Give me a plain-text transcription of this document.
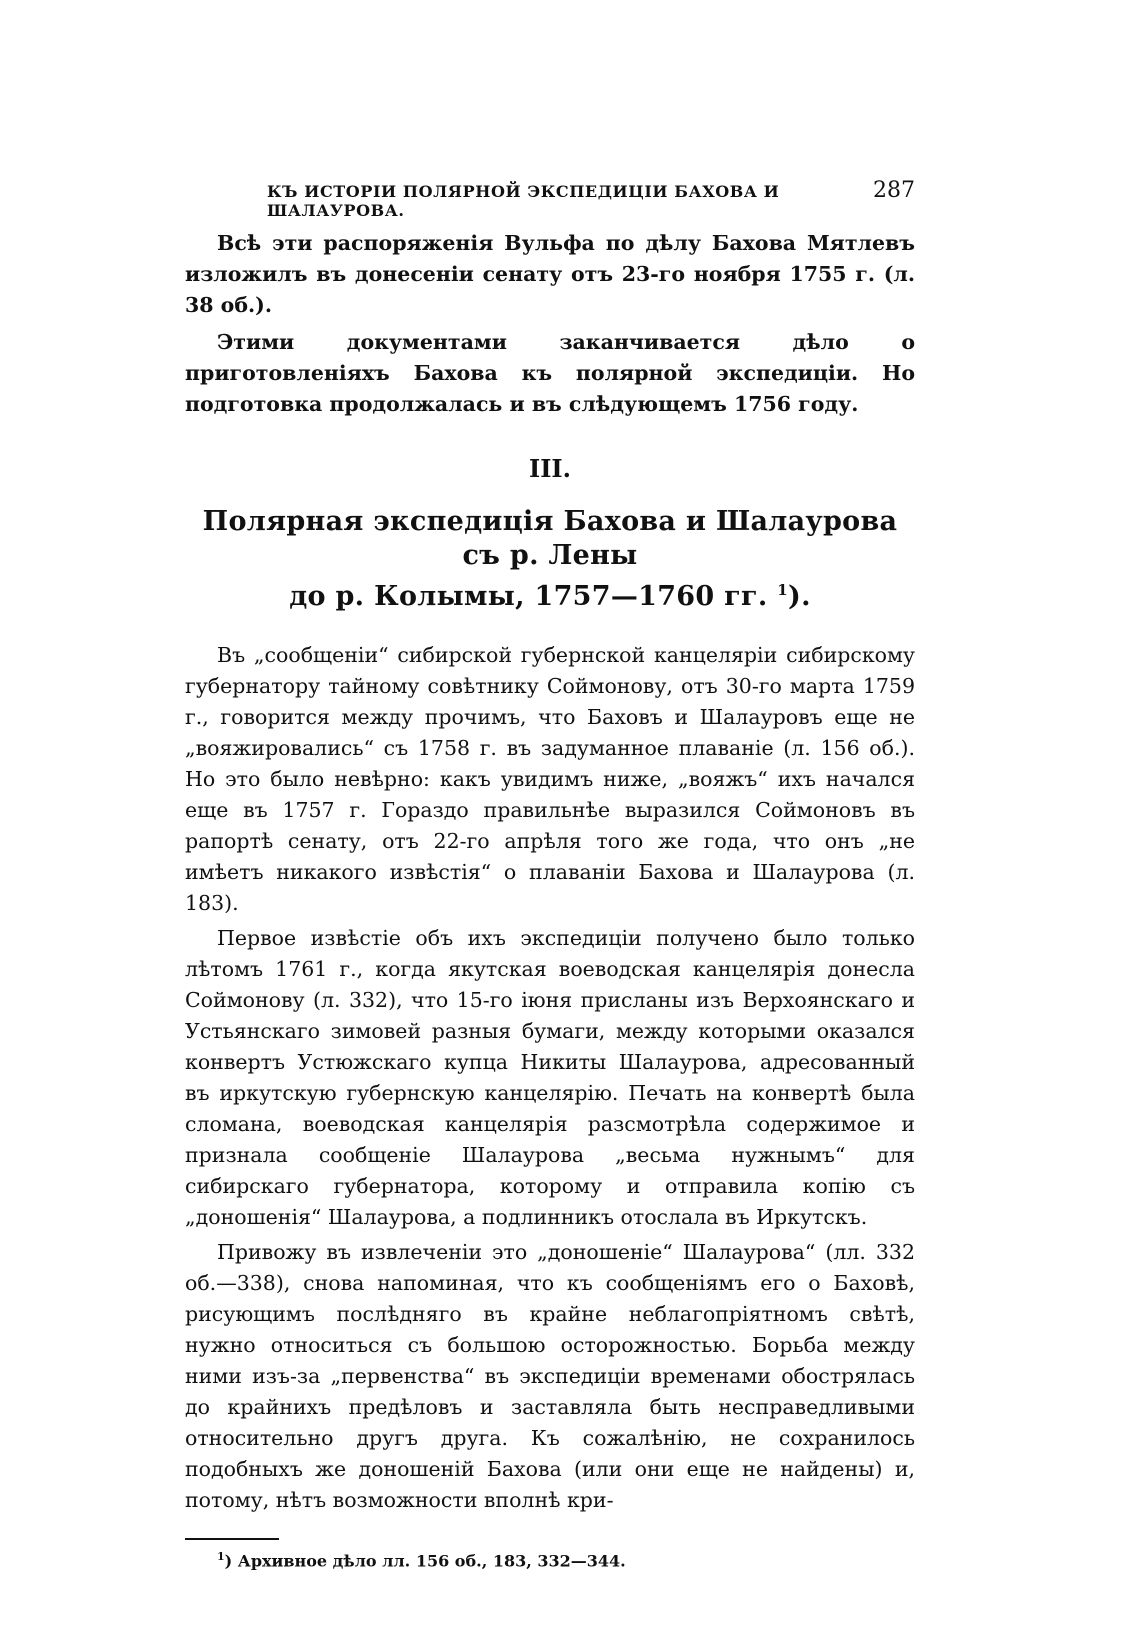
КЪ ИСТОРІИ ПОЛЯРНОЙ ЭКСПЕДИЦІИ БАХОВА И ШАЛАУРОВА.
287

Всѣ эти распоряженія Вульфа по дѣлу Бахова Мятлевъ изложилъ въ донесеніи сенату отъ 23-го ноября 1755 г. (л. 38 об.).

Этими документами заканчивается дѣло о приготовленіяхъ Бахова къ полярной экспедиціи. Но подготовка продолжалась и въ слѣдующемъ 1756 году.

III.
Полярная экспедиція Бахова и Шалаурова съ р. Лены
до р. Колымы, 1757—1760 гг. $^1$).

Въ „сообщеніи“ сибирской губернской канцеляріи сибирскому губернатору тайному совѣтнику Соймонову, отъ 30-го марта 1759 г., говорится между прочимъ, что Баховъ и Шалауровъ еще не „вояжировались“ съ 1758 г. въ задуманное плаваніе (л. 156 об.). Но это было невѣрно: какъ увидимъ ниже, „вояжъ“ ихъ начался еще въ 1757 г. Гораздо правильнѣе выразился Соймоновъ въ рапортѣ сенату, отъ 22-го апрѣля того же года, что онъ „не имѣетъ никакого извѣстія“ о плаваніи Бахова и Шалаурова (л. 183).

Первое извѣстіе объ ихъ экспедиціи получено было только лѣтомъ 1761 г., когда якутская воеводская канцелярія донесла Соймонову (л. 332), что 15-го іюня присланы изъ Верхоянскаго и Устьянскаго зимовей разныя бумаги, между которыми оказался конвертъ Устюжскаго купца Никиты Шалаурова, адресованный въ иркутскую губернскую канцелярію. Печать на конвертѣ была сломана, воеводская канцелярія разсмотрѣла содержимое и признала сообщеніе Шалаурова „весьма нужнымъ“ для сибирскаго губернатора, которому и отправила копію съ „доношенія“ Шалаурова, а подлинникъ отослала въ Иркутскъ.

Привожу въ извлеченіи это „доношеніе“ Шалаурова“ (лл. 332 об.—338), снова напоминая, что къ сообщеніямъ его о Баховѣ, рисующимъ послѣдняго въ крайне неблагопріятномъ свѣтѣ, нужно относиться съ большою осторожностью. Борьба между ними изъ-за „первенства“ въ экспедиціи временами обострялась до крайнихъ предѣловъ и заставляла быть несправедливыми относительно другъ друга. Къ сожалѣнію, не сохранилось подобныхъ же доношеній Бахова (или они еще не найдены) и, потому, нѣтъ возможности вполнѣ кри-

$^1$) Архивное дѣло лл. 156 об., 183, 332—344.
